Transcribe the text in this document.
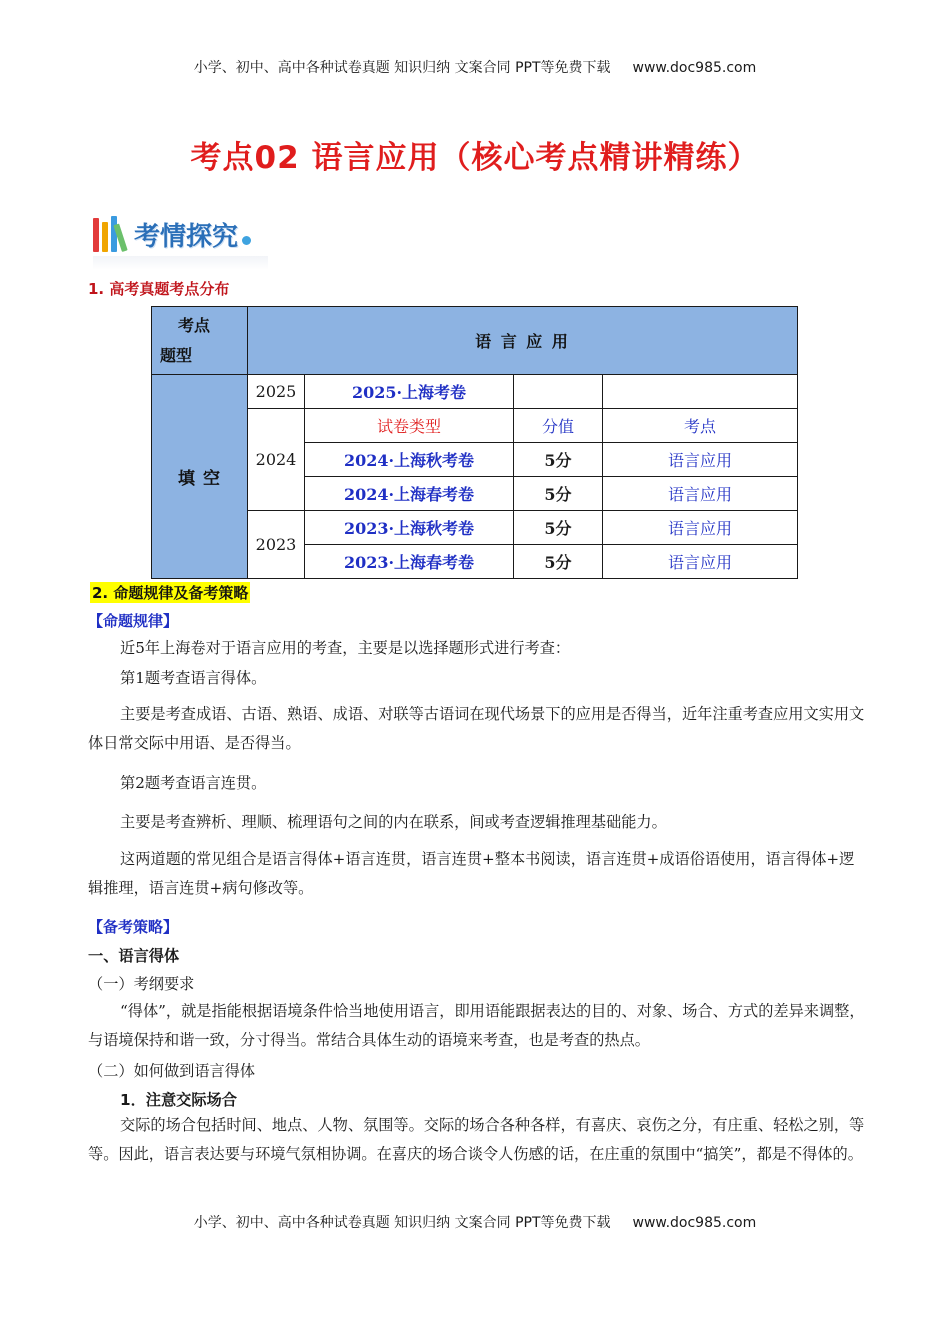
小学、初中、高中各种试卷真题 知识归纳 文案合同 PPT等免费下载 www.doc985.com
考点02 语言应用（核心考点精讲精练）
考情探究
1. 高考真题考点分布
考点
题型	语 言 应 用			
填 空	2025	2025·上海考卷		
	2024	试卷类型	分值	考点
		2024·上海秋考卷	5分	语言应用
		2024·上海春考卷	5分	语言应用
	2023	2023·上海秋考卷	5分	语言应用
		2023·上海春考卷	5分	语言应用
2. 命题规律及备考策略
【命题规律】
近5年上海卷对于语言应用的考查，主要是以选择题形式进行考查：
第1题考查语言得体。

主要是考查成语、古语、熟语、成语、对联等古语词在现代场景下的应用是否得当，近年注重考查应用文实用文体日常交际中用语、是否得当。

第2题考查语言连贯。
主要是考查辨析、理顺、梳理语句之间的内在联系，间或考查逻辑推理基础能力。

这两道题的常见组合是语言得体+语言连贯，语言连贯+整本书阅读，语言连贯+成语俗语使用，语言得体+逻辑推理，语言连贯+病句修改等。

【备考策略】
一、语言得体
（一）考纲要求

“得体”，就是指能根据语境条件恰当地使用语言，即用语能跟据表达的目的、对象、场合、方式的差异来调整，与语境保持和谐一致，分寸得当。常结合具体生动的语境来考查，也是考查的热点。

（二）如何做到语言得体
1．注意交际场合

交际的场合包括时间、地点、人物、氛围等。交际的场合各种各样，有喜庆、哀伤之分，有庄重、轻松之别，等等。因此，语言表达要与环境气氛相协调。在喜庆的场合谈令人伤感的话，在庄重的氛围中“搞笑”，都是不得体的。

小学、初中、高中各种试卷真题 知识归纳 文案合同 PPT等免费下载 www.doc985.com
